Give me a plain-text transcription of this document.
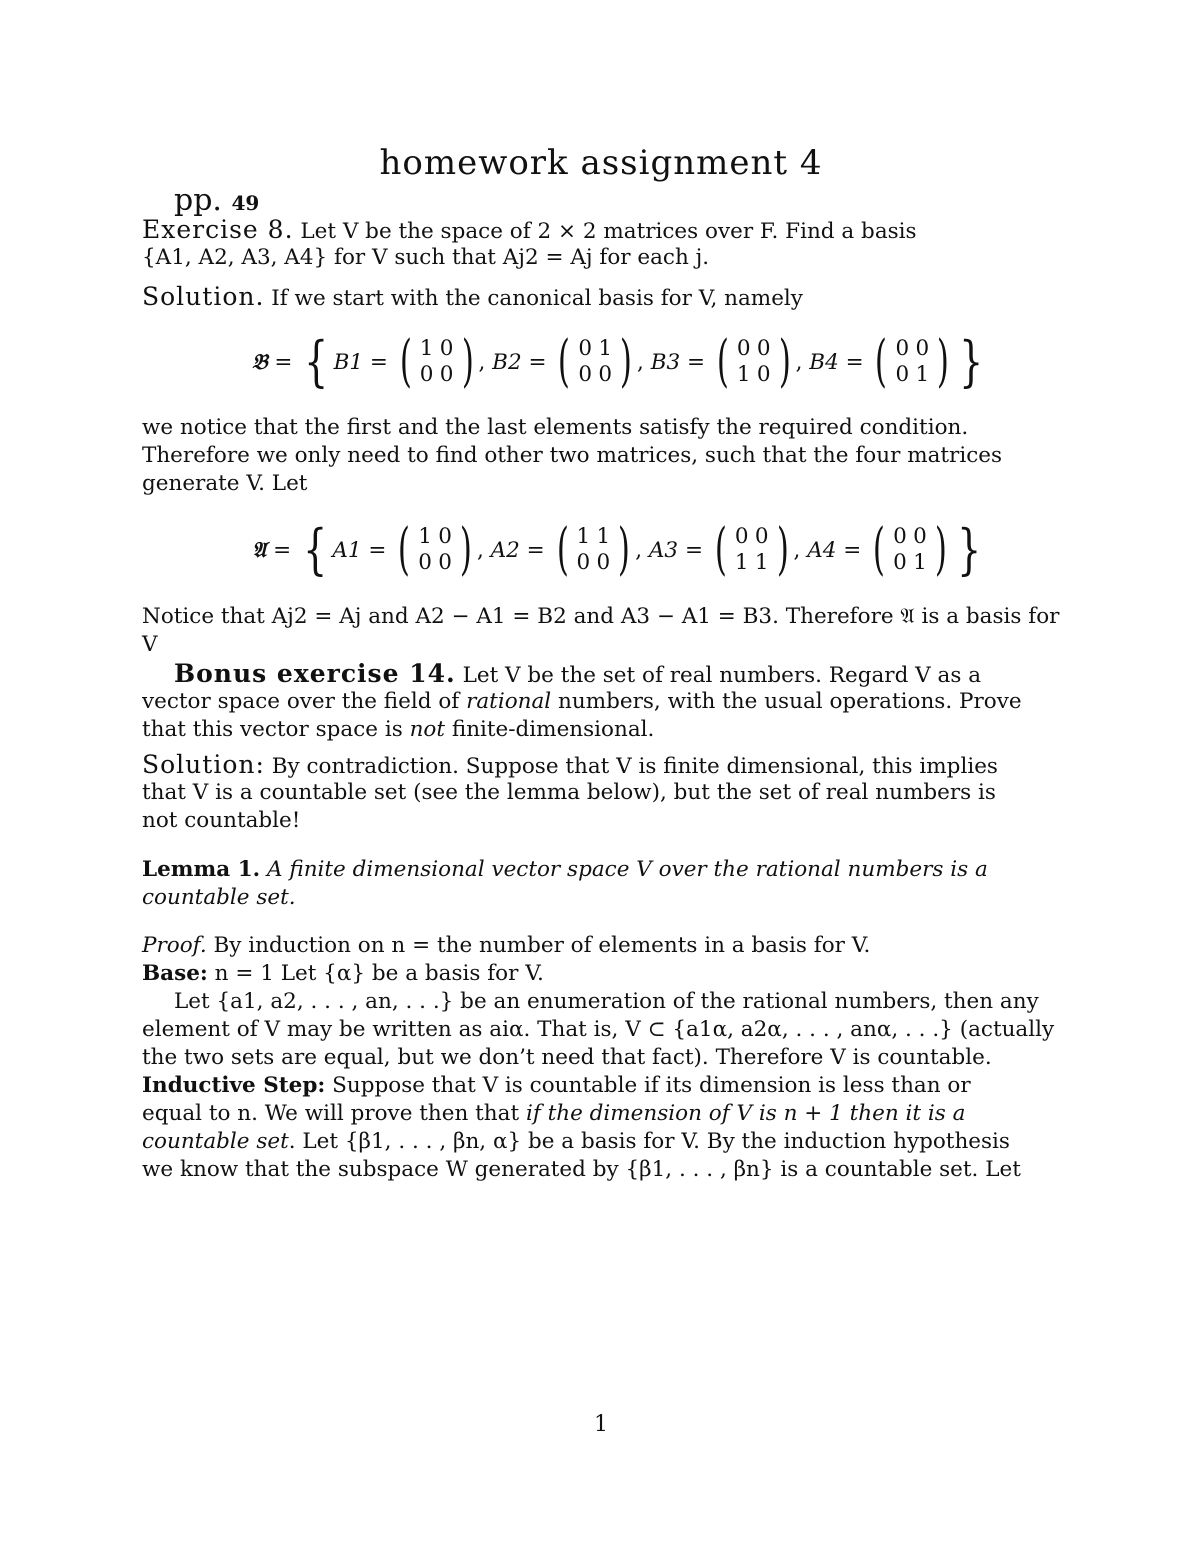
homework assignment 4
pp. 49
Exercise 8. Let V be the space of 2 × 2 matrices over F. Find a basis
{A1, A2, A3, A4} for V such that Aj2 = Aj for each j.
Solution. If we start with the canonical basis for V, namely
𝔅 = { B1 = ( 1 0
0 0 ) , B2 = ( 0 1
0 0 ) , B3 = ( 0 0
1 0 ) , B4 = ( 0 0
0 1 ) }
we notice that the first and the last elements satisfy the required condition.
Therefore we only need to find other two matrices, such that the four matrices
generate V. Let
𝔄 = { A1 = ( 1 0
0 0 ) , A2 = ( 1 1
0 0 ) , A3 = ( 0 0
1 1 ) , A4 = ( 0 0
0 1 ) }
Notice that Aj2 = Aj and A2 − A1 = B2 and A3 − A1 = B3. Therefore 𝔄 is a basis for
V
Bonus exercise 14. Let V be the set of real numbers. Regard V as a
vector space over the field of rational numbers, with the usual operations. Prove
that this vector space is not finite-dimensional.
Solution: By contradiction. Suppose that V is finite dimensional, this implies
that V is a countable set (see the lemma below), but the set of real numbers is
not countable!
Lemma 1. A finite dimensional vector space V over the rational numbers is a
countable set.
Proof. By induction on n = the number of elements in a basis for V.
Base: n = 1 Let {α} be a basis for V.
Let {a1, a2, . . . , an, . . .} be an enumeration of the rational numbers, then any
element of V may be written as aiα. That is, V ⊂ {a1α, a2α, . . . , anα, . . .} (actually
the two sets are equal, but we don’t need that fact). Therefore V is countable.
Inductive Step: Suppose that V is countable if its dimension is less than or
equal to n. We will prove then that if the dimension of V is n + 1 then it is a
countable set. Let {β1, . . . , βn, α} be a basis for V. By the induction hypothesis
we know that the subspace W generated by {β1, . . . , βn} is a countable set. Let
1
